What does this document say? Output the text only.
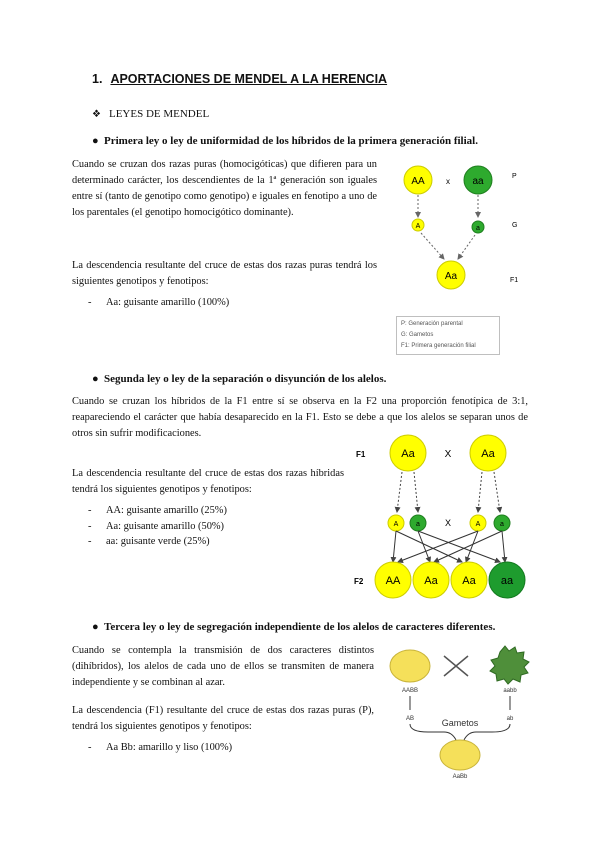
1. APORTACIONES DE MENDEL A LA HERENCIA
❖ LEYES DE MENDEL
● Primera ley o ley de uniformidad de los híbridos de la primera generación filial.
Cuando se cruzan dos razas puras (homocigóticas) que difieren para un determinado carácter, los descendientes de la 1ª generación son iguales entre sí (tanto de genotipo como genotipo) e iguales en fenotipo a uno de los parentales (el genotipo homocigótico dominante).
La descendencia resultante del cruce de estas dos razas puras tendrá los siguientes genotipos y fenotipos:
- Aa: guisante amarillo (100%)
AA	x aa	P
A	a	G
Aa	F1
P: Generación parental
G: Gametos
F1: Primera generación filial
● Segunda ley o ley de la separación o disyunción de los alelos.
Cuando se cruzan los híbridos de la F1 entre sí se observa en la F2 una proporción fenotípica de 3:1, reapareciendo el carácter que había desaparecido en la F1. Esto se debe a que los alelos se separan unos de otros sin sufrir modificaciones.
La descendencia resultante del cruce de estas dos razas híbridas tendrá los siguientes genotipos y fenotipos:
- AA: guisante amarillo (25%)
- Aa: guisante amarillo (50%)
- aa: guisante verde (25%)
F1	Aa	X	Aa
A	a	X	A	a
F2 AA Aa Aa aa
● Tercera ley o ley de segregación independiente de los alelos de caracteres diferentes.
Cuando se contempla la transmisión de dos caracteres distintos (dihíbridos), los alelos de cada uno de ellos se transmiten de manera independiente y se combinan al azar.
La descendencia (F1) resultante del cruce de estas dos razas puras (P), tendrá los siguientes genotipos y fenotipos:
- Aa Bb: amarillo y liso (100%)
AABB	aabb
AB	ab
Gametos
AaBb
